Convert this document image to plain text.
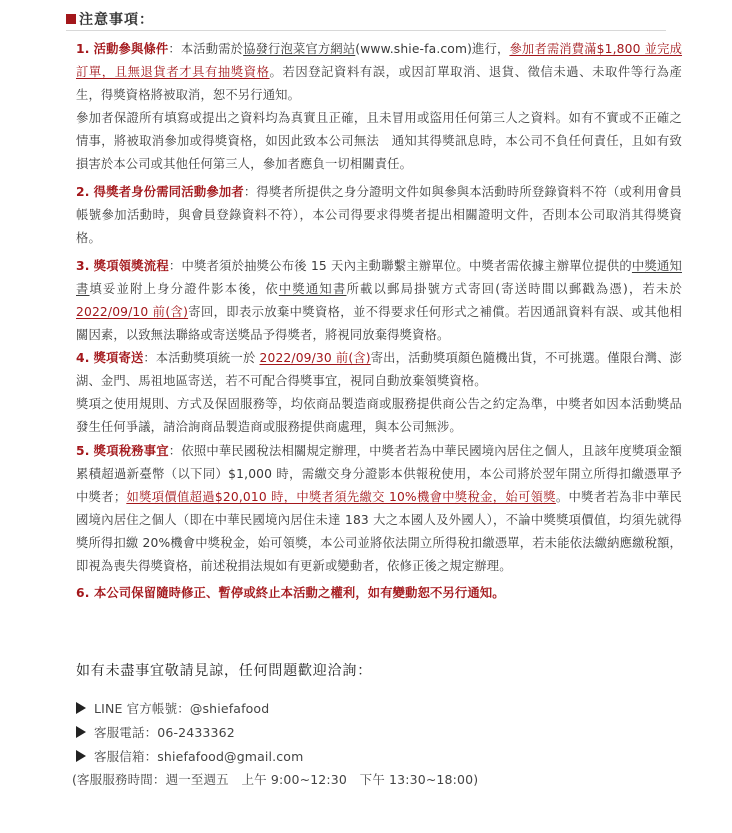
注意事項：

1. 活動參與條件：本活動需於協發行泡菜官方網站(www.shie-fa.com)進行，參加者需消費滿$1,800 並完成訂單，且無退貨者才具有抽獎資格。若因登記資料有誤，或因訂單取消、退貨、徵信未過、未取件等行為產生，得獎資格將被取消，恕不另行通知。

參加者保證所有填寫或提出之資料均為真實且正確，且未冒用或盜用任何第三人之資料。如有不實或不正確之情事，將被取消參加或得獎資格，如因此致本公司無法　通知其得獎訊息時，本公司不負任何責任，且如有致損害於本公司或其他任何第三人，參加者應負一切相關責任。

2. 得獎者身份需同活動參加者：得獎者所提供之身分證明文件如與參與本活動時所登錄資料不符（或利用會員帳號參加活動時，與會員登錄資料不符），本公司得要求得獎者提出相關證明文件，否則本公司取消其得獎資格。

3. 獎項領獎流程：中獎者須於抽獎公布後 15 天內主動聯繫主辦單位。中獎者需依據主辦單位提供的中獎通知書填妥並附上身分證件影本後，依中獎通知書所載以郵局掛號方式寄回(寄送時間以郵戳為憑)，若未於2022/09/10 前(含)寄回，即表示放棄中獎資格，並不得要求任何形式之補償。若因通訊資料有誤、或其他相關因素，以致無法聯絡或寄送獎品予得獎者，將視同放棄得獎資格。

4. 獎項寄送：本活動獎項統一於 2022/09/30 前(含)寄出，活動獎項顏色隨機出貨，不可挑選。僅限台灣、澎湖、金門、馬祖地區寄送，若不可配合得獎事宜，視同自動放棄領獎資格。

獎項之使用規則、方式及保固服務等，均依商品製造商或服務提供商公告之約定為準，中獎者如因本活動獎品發生任何爭議，請洽詢商品製造商或服務提供商處理，與本公司無涉。

5. 獎項稅務事宜：依照中華民國稅法相關規定辦理，中獎者若為中華民國境內居住之個人，且該年度獎項金額累積超過新臺幣（以下同）$1,000 時，需繳交身分證影本供報稅使用，本公司將於翌年開立所得扣繳憑單予中獎者；如獎項價值超過$20,010 時，中獎者須先繳交 10%機會中獎稅金，始可領獎。中獎者若為非中華民國境內居住之個人（即在中華民國境內居住未達 183 大之本國人及外國人），不論中獎獎項價值，均須先就得獎所得扣繳 20%機會中獎稅金，始可領獎，本公司並將依法開立所得稅扣繳憑單，若未能依法繳納應繳稅額，即視為喪失得獎資格，前述稅捐法規如有更新或變動者，依修正後之規定辦理。

6. 本公司保留隨時修正、暫停或終止本活動之權利，如有變動恕不另行通知。

如有未盡事宜敬請見諒，任何問題歡迎洽詢：
LINE 官方帳號：@shiefafood
客服電話：06-2433362
客服信箱：shiefafood@gmail.com
(客服服務時間：週一至週五　上午 9:00~12:30　下午 13:30~18:00)
